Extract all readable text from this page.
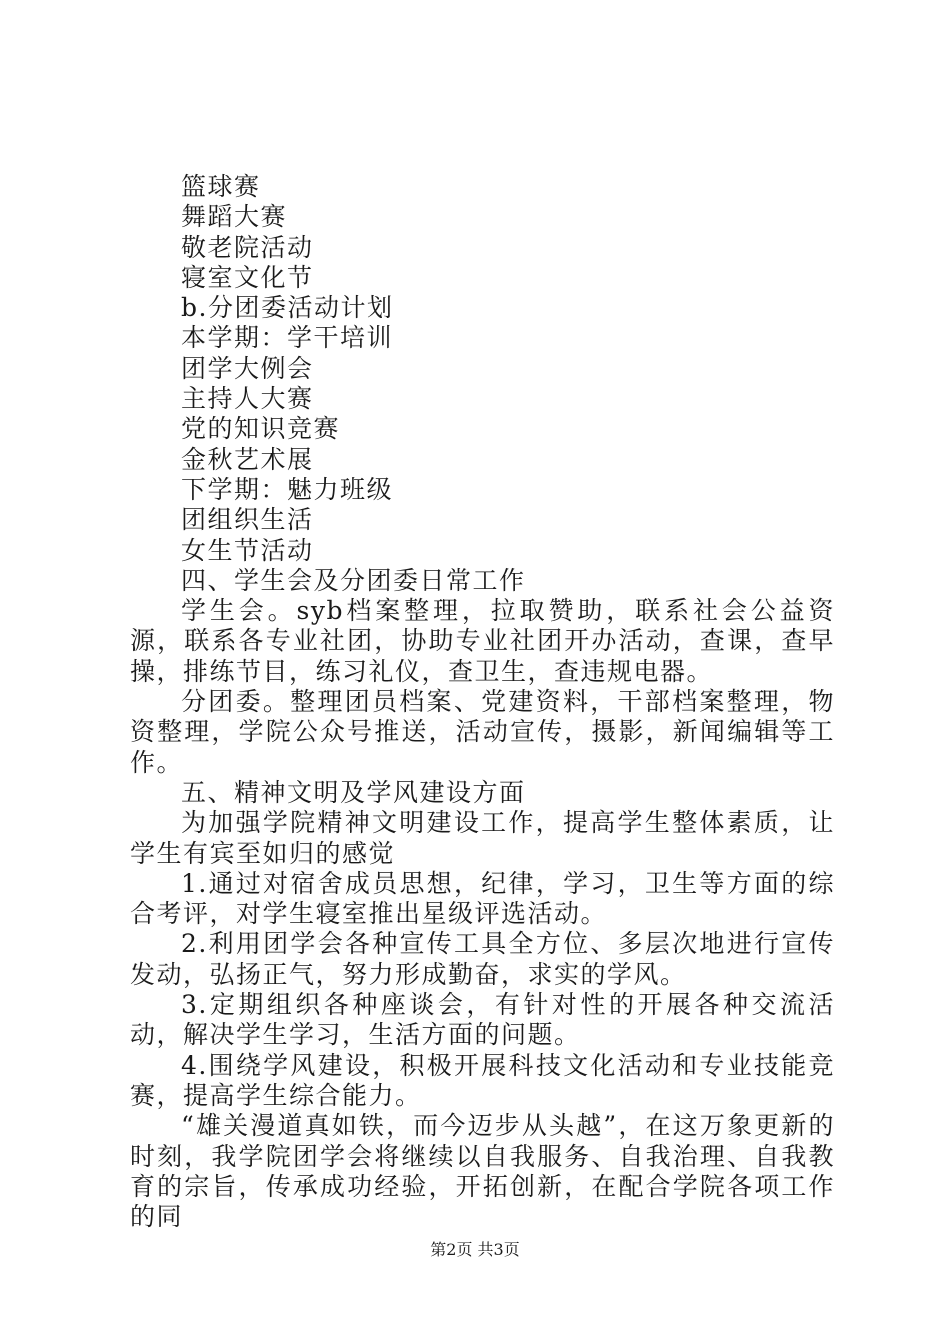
篮球赛
舞蹈大赛
敬老院活动
寝室文化节
b.分团委活动计划
本学期：学干培训
团学大例会
主持人大赛
党的知识竞赛
金秋艺术展
下学期：魅力班级
团组织生活
女生节活动
四、学生会及分团委日常工作
学生会。syb档案整理，拉取赞助，联系社会公益资源，联系各专业社团，协助专业社团开办活动，查课，查早操，排练节目，练习礼仪，查卫生，查违规电器。
分团委。整理团员档案、党建资料，干部档案整理，物资整理，学院公众号推送，活动宣传，摄影，新闻编辑等工作。
五、精神文明及学风建设方面
为加强学院精神文明建设工作，提高学生整体素质，让学生有宾至如归的感觉
1.通过对宿舍成员思想，纪律，学习，卫生等方面的综合考评，对学生寝室推出星级评选活动。
2.利用团学会各种宣传工具全方位、多层次地进行宣传发动，弘扬正气，努力形成勤奋，求实的学风。
3.定期组织各种座谈会，有针对性的开展各种交流活动，解决学生学习，生活方面的问题。
4.围绕学风建设，积极开展科技文化活动和专业技能竞赛，提高学生综合能力。
“雄关漫道真如铁，而今迈步从头越”，在这万象更新的时刻，我学院团学会将继续以自我服务、自我治理、自我教育的宗旨，传承成功经验，开拓创新，在配合学院各项工作的同
第2页 共3页
